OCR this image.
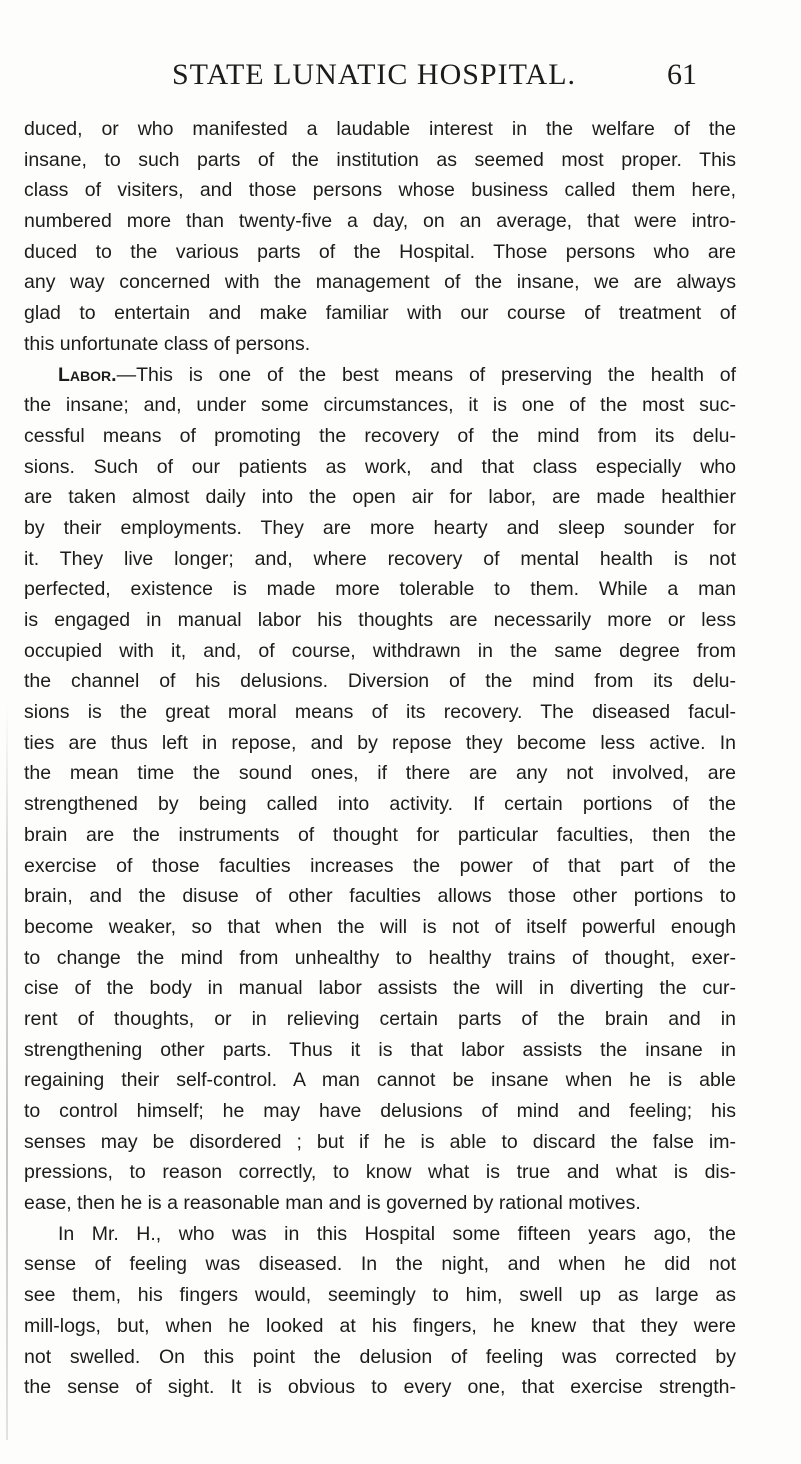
STATE LUNATIC HOSPITAL.	61
duced, or who manifested a laudable interest in the welfare of the
insane, to such parts of the institution as seemed most proper. This
class of visiters, and those persons whose business called them here,
numbered more than twenty-five a day, on an average, that were intro-
duced to the various parts of the Hospital. Those persons who are
any way concerned with the management of the insane, we are always
glad to entertain and make familiar with our course of treatment of
this unfortunate class of persons.
Labor.—This is one of the best means of preserving the health of
the insane; and, under some circumstances, it is one of the most suc-
cessful means of promoting the recovery of the mind from its delu-
sions. Such of our patients as work, and that class especially who
are taken almost daily into the open air for labor, are made healthier
by their employments. They are more hearty and sleep sounder for
it. They live longer; and, where recovery of mental health is not
perfected, existence is made more tolerable to them. While a man
is engaged in manual labor his thoughts are necessarily more or less
occupied with it, and, of course, withdrawn in the same degree from
the channel of his delusions. Diversion of the mind from its delu-
sions is the great moral means of its recovery. The diseased facul-
ties are thus left in repose, and by repose they become less active. In
the mean time the sound ones, if there are any not involved, are
strengthened by being called into activity. If certain portions of the
brain are the instruments of thought for particular faculties, then the
exercise of those faculties increases the power of that part of the
brain, and the disuse of other faculties allows those other portions to
become weaker, so that when the will is not of itself powerful enough
to change the mind from unhealthy to healthy trains of thought, exer-
cise of the body in manual labor assists the will in diverting the cur-
rent of thoughts, or in relieving certain parts of the brain and in
strengthening other parts. Thus it is that labor assists the insane in
regaining their self-control. A man cannot be insane when he is able
to control himself; he may have delusions of mind and feeling; his
senses may be disordered ; but if he is able to discard the false im-
pressions, to reason correctly, to know what is true and what is dis-
ease, then he is a reasonable man and is governed by rational motives.
In Mr. H., who was in this Hospital some fifteen years ago, the
sense of feeling was diseased. In the night, and when he did not
see them, his fingers would, seemingly to him, swell up as large as
mill-logs, but, when he looked at his fingers, he knew that they were
not swelled. On this point the delusion of feeling was corrected by
the sense of sight. It is obvious to every one, that exercise strength-
